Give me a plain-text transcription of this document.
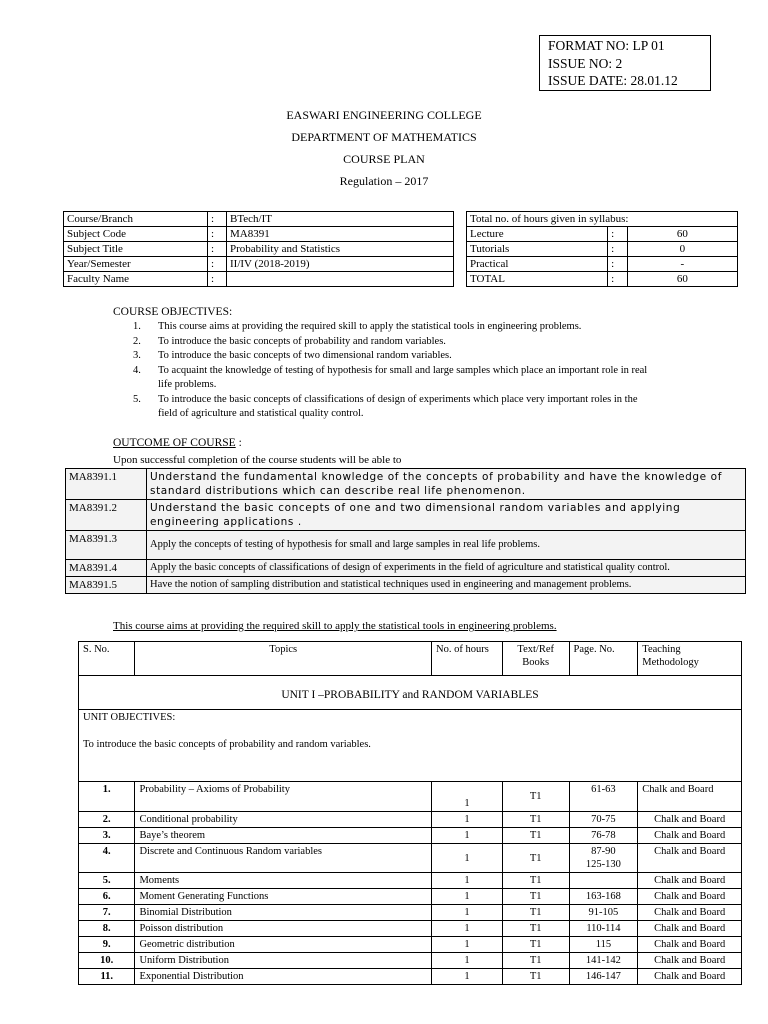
FORMAT NO: LP 01
ISSUE NO: 2
ISSUE DATE: 28.01.12
EASWARI ENGINEERING COLLEGE
DEPARTMENT OF MATHEMATICS
COURSE PLAN
Regulation – 2017
Course/Branch	:	BTech/IT
Subject Code	:	MA8391
Subject Title	:	Probability and Statistics
Year/Semester	:	II/IV (2018-2019)
Faculty Name	:	
Total no. of hours given in syllabus:		
Lecture	:	60
Tutorials	:	0
Practical	:	-
TOTAL	:	60
COURSE OBJECTIVES:
1. This course aims at providing the required skill to apply the statistical tools in engineering problems.
2. To introduce the basic concepts of probability and random variables.
3. To introduce the basic concepts of two dimensional random variables.
4. To acquaint the knowledge of testing of hypothesis for small and large samples which place an important role in real life problems.
5. To introduce the basic concepts of classifications of design of experiments which place very important roles in the field of agriculture and statistical quality control.
OUTCOME OF COURSE :
Upon successful completion of the course students will be able to
MA8391.1	Understand the fundamental knowledge of the concepts of probability and have the knowledge of standard distributions which can describe real life phenomenon.
MA8391.2	Understand the basic concepts of one and two dimensional random variables and applying engineering applications .
MA8391.3	Apply the concepts of testing of hypothesis for small and large samples in real life problems.
MA8391.4	Apply the basic concepts of classifications of design of experiments in the field of agriculture and statistical quality control.
MA8391.5	Have the notion of sampling distribution and statistical techniques used in engineering and management problems.
This course aims at providing the required skill to apply the statistical tools in engineering problems.
S. No.	Topics	No. of hours	Text/Ref Books	Page. No.	Teaching Methodology
UNIT I –PROBABILITY and RANDOM VARIABLES					

UNIT OBJECTIVES:
To introduce the basic concepts of probability and random variables.					

1.	Probability – Axioms of Probability	1	T1	61-63	Chalk and Board
2.	Conditional probability	1	T1	70-75	Chalk and Board
3.	Baye’s theorem	1	T1	76-78	Chalk and Board
4.	Discrete and Continuous Random variables	1	T1	87-90
125-130	Chalk and Board
5.	Moments	1	T1		Chalk and Board
6.	Moment Generating Functions	1	T1	163-168	Chalk and Board
7.	Binomial Distribution	1	T1	91-105	Chalk and Board
8.	Poisson distribution	1	T1	110-114	Chalk and Board
9.	Geometric distribution	1	T1	115	Chalk and Board
10.	Uniform Distribution	1	T1	141-142	Chalk and Board
11.	Exponential Distribution	1	T1	146-147	Chalk and Board
